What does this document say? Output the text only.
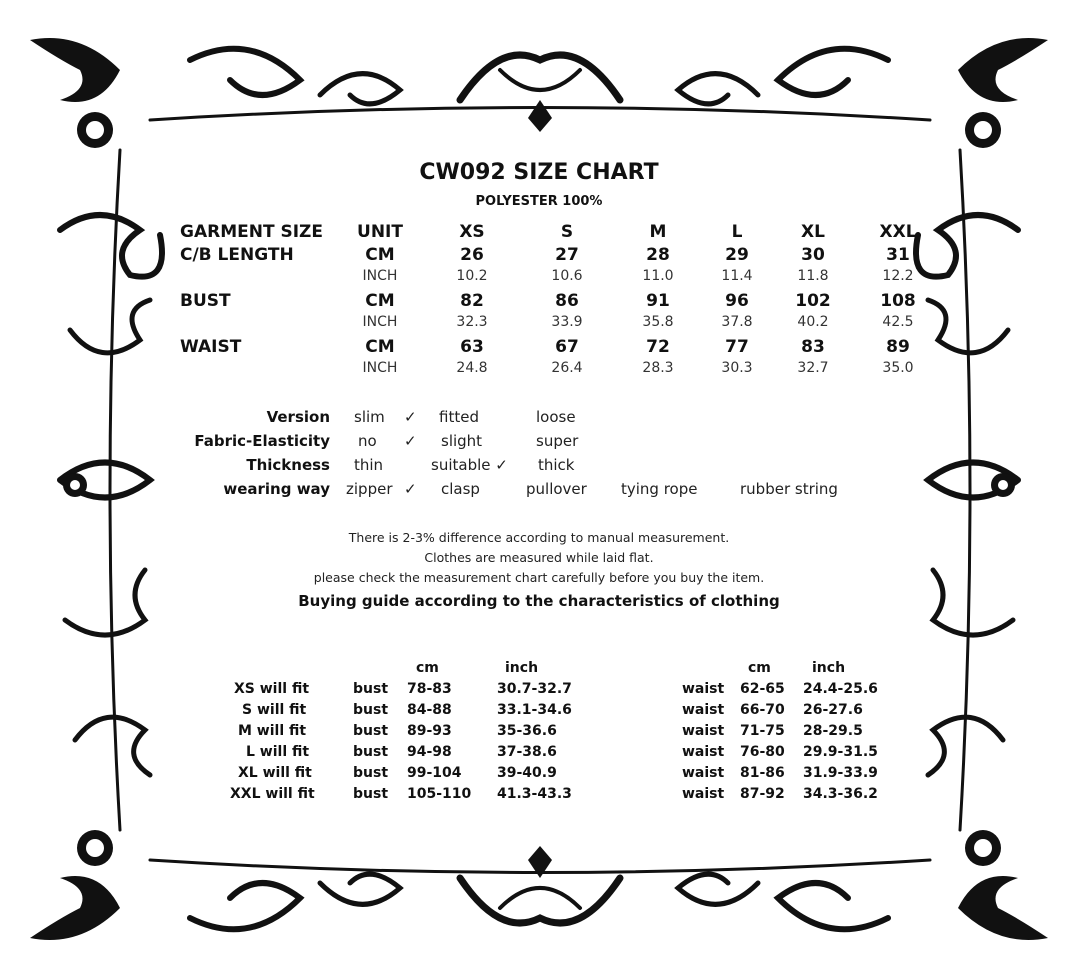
CW092 SIZE CHART
POLYESTER 100%
GARMENT SIZE UNIT	XS	S	M	L	XL	XXL
C/B LENGTH	CM	26	27	28	29	30	31
INCH	10.2	10.6	11.0	11.4	11.8	12.2
BUST	CM	82	86	91	96	102	108
INCH	32.3	33.9	35.8	37.8	40.2	42.5
WAIST	CM	63	67	72	77	83	89
INCH	24.8	26.4	28.3	30.3	32.7	35.0
Version slim ✓ fitted	loose
Fabric-Elasticity no ✓ slight	super
Thickness thin	suitable ✓ thick
wearing way zipper ✓ clasp	pullover tying rope	rubber string
There is 2-3% difference according to manual measurement.
Clothes are measured while laid flat.
please check the measurement chart carefully before you buy the item.
Buying guide according to the characteristics of clothing
cm	inch	cm	inch
XS will fit	bust 78-83	30.7-32.7	waist 62-65 24.4-25.6
S will fit	bust 84-88	33.1-34.6	waist 66-70 26-27.6
M will fit	bust 89-93	35-36.6	waist 71-75 28-29.5
L will fit	bust 94-98	37-38.6	waist 76-80 29.9-31.5
XL will fit	bust 99-104	39-40.9	waist 81-86 31.9-33.9
XXL will fit	bust 105-110 41.3-43.3	waist 87-92 34.3-36.2
